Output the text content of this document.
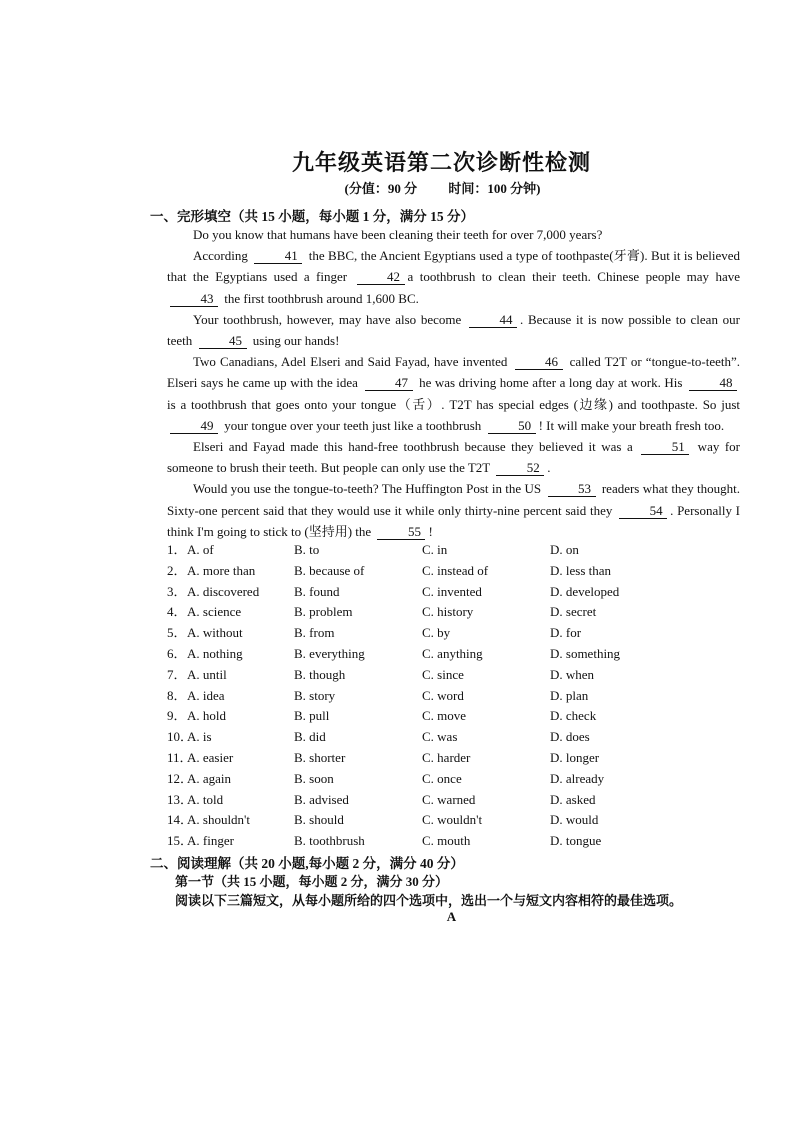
九年级英语第二次诊断性检测
(分值：90 分 时间：100 分钟)
一、完形填空（共 15 小题，每小题 1 分，满分 15 分）

Do you know that humans have been cleaning their teeth for over 7,000 years?

According	41 the BBC, the Ancient Egyptians used a type of toothpaste(牙膏). But it is believed that the Egyptians used a finger	42 a toothbrush to clean their teeth. Chinese people may have 43 the first toothbrush around 1,600 BC.

Your toothbrush, however, may have also become	44 . Because it is now possible to clean our teeth	45 using our hands!

Two Canadians, Adel Elseri and Said Fayad, have invented	46 called T2T or “tongue-to-teeth”. Elseri says he came up with the idea	47 he was driving home after a long day at work. His	48 is a toothbrush that goes onto your tongue（舌）. T2T has special edges (边缘) and toothpaste. So just 49 your tongue over your teeth just like a toothbrush	50 ! It will make your breath fresh too.

Elseri and Fayad made this hand-free toothbrush because they believed it was a	51 way for someone to brush their teeth. But people can only use the T2T	52 .

Would you use the tongue-to-teeth? The Huffington Post in the US	53 readers what they thought. Sixty-one percent said that they would use it while only thirty-nine percent said they	54 . Personally I think I'm going to stick to (坚持用) the	55 !

1． A. of	B. to	C. in	D. on
2． A. more than	B. because of	C. instead of	D. less than
3． A. discovered	B. found	C. invented	D. developed
4． A. science	B. problem	C. history	D. secret
5． A. without	B. from	C. by	D. for
6． A. nothing	B. everything	C. anything	D. something
7． A. until	B. though	C. since	D. when
8． A. idea	B. story	C. word	D. plan
9． A. hold	B. pull	C. move	D. check
10．
A. is	B. did	C. was	D. does
11．
A. easier	B. shorter	C. harder	D. longer
12．
A. again	B. soon	C. once	D. already
13．
A. told	B. advised	C. warned	D. asked
14．
A. shouldn't	B. should	C. wouldn't	D. would
15．
A. finger	B. toothbrush	C. mouth	D. tongue
二、阅读理解（共 20 小题,每小题 2 分，满分 40 分）
第一节（共 15 小题，每小题 2 分，满分 30 分）
阅读以下三篇短文，从每小题所给的四个选项中，选出一个与短文内容相符的最佳选项。
A
